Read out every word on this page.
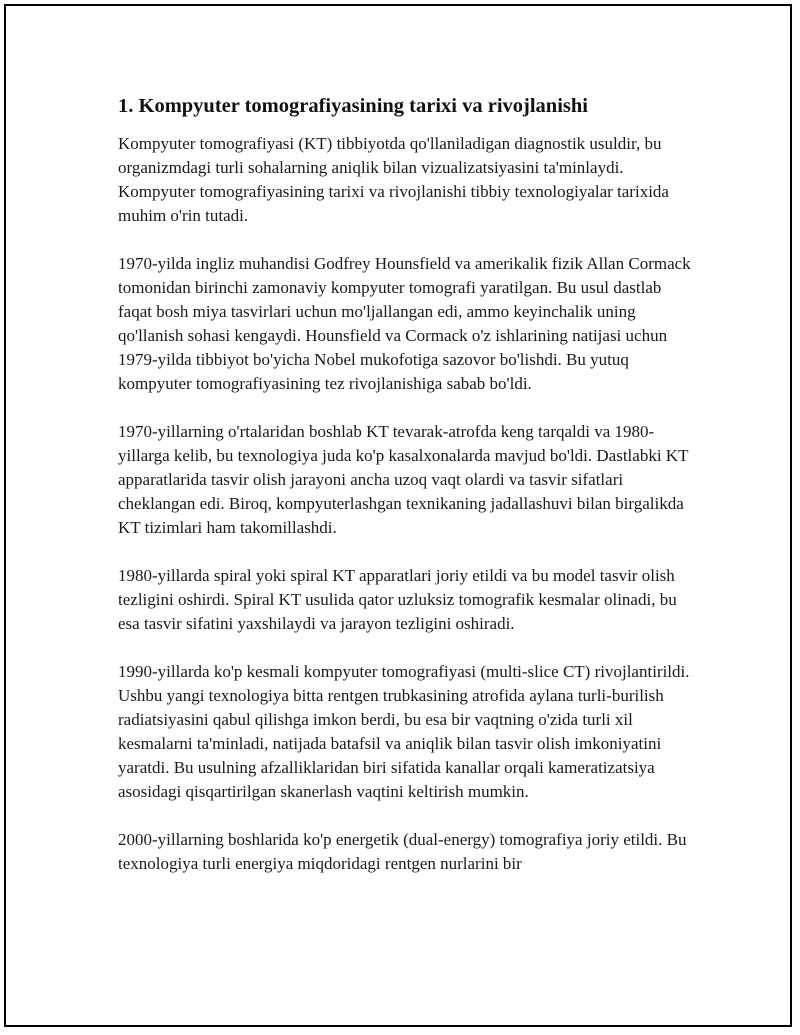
1. Kompyuter tomografiyasining tarixi va rivojlanishi

Kompyuter tomografiyasi (KT) tibbiyotda qo'llaniladigan diagnostik usuldir, bu organizmdagi turli sohalarning aniqlik bilan vizualizatsiyasini ta'minlaydi. Kompyuter tomografiyasining tarixi va rivojlanishi tibbiy texnologiyalar tarixida muhim o'rin tutadi.

1970-yilda ingliz muhandisi Godfrey Hounsfield va amerikalik fizik Allan Cormack tomonidan birinchi zamonaviy kompyuter tomografi yaratilgan. Bu usul dastlab faqat bosh miya tasvirlari uchun mo'ljallangan edi, ammo keyinchalik uning qo'llanish sohasi kengaydi. Hounsfield va Cormack o'z ishlarining natijasi uchun 1979-yilda tibbiyot bo'yicha Nobel mukofotiga sazovor bo'lishdi. Bu yutuq kompyuter tomografiyasining tez rivojlanishiga sabab bo'ldi.

1970-yillarning o'rtalaridan boshlab KT tevarak-atrofda keng tarqaldi va 1980-yillarga kelib, bu texnologiya juda ko'p kasalxonalarda mavjud bo'ldi. Dastlabki KT apparatlarida tasvir olish jarayoni ancha uzoq vaqt olardi va tasvir sifatlari cheklangan edi. Biroq, kompyuterlashgan texnikaning jadallashuvi bilan birgalikda KT tizimlari ham takomillashdi.

1980-yillarda spiral yoki spiral KT apparatlari joriy etildi va bu model tasvir olish tezligini oshirdi. Spiral KT usulida qator uzluksiz tomografik kesmalar olinadi, bu esa tasvir sifatini yaxshilaydi va jarayon tezligini oshiradi.

1990-yillarda ko'p kesmali kompyuter tomografiyasi (multi-slice CT) rivojlantirildi. Ushbu yangi texnologiya bitta rentgen trubkasining atrofida aylana turli-burilish radiatsiyasini qabul qilishga imkon berdi, bu esa bir vaqtning o'zida turli xil kesmalarni ta'minladi, natijada batafsil va aniqlik bilan tasvir olish imkoniyatini yaratdi. Bu usulning afzalliklaridan biri sifatida kanallar orqali kameratizatsiya asosidagi qisqartirilgan skanerlash vaqtini keltirish mumkin.

2000-yillarning boshlarida ko'p energetik (dual-energy) tomografiya joriy etildi. Bu texnologiya turli energiya miqdoridagi rentgen nurlarini bir
